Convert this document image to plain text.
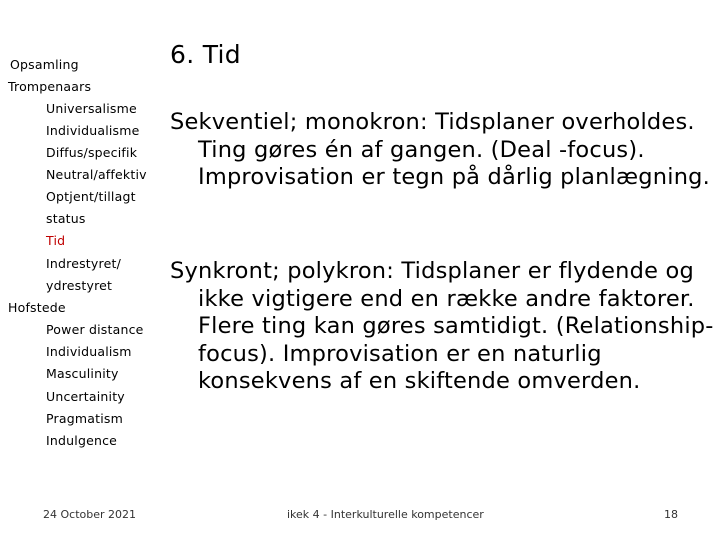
Opsamling
Trompenaars
Universalisme
Individualisme
Diffus/specifik
Neutral/affektiv
Optjent/tillagt
status
Tid
Indrestyret/
ydrestyret
Hofstede
Power distance
Individualism
Masculinity
Uncertainity
Pragmatism
Indulgence
6. Tid
Sekventiel; monokron: Tidsplaner overholdes. Ting gøres én af gangen. (Deal -focus). Improvisation er tegn på dårlig planlægning.
Synkront; polykron: Tidsplaner er flydende og ikke vigtigere end en række andre faktorer. Flere ting kan gøres samtidigt. (Relationship-focus). Improvisation er en naturlig konsekvens af en skiftende omverden.
24 October 2021	ikek 4 - Interkulturelle kompetencer	18
